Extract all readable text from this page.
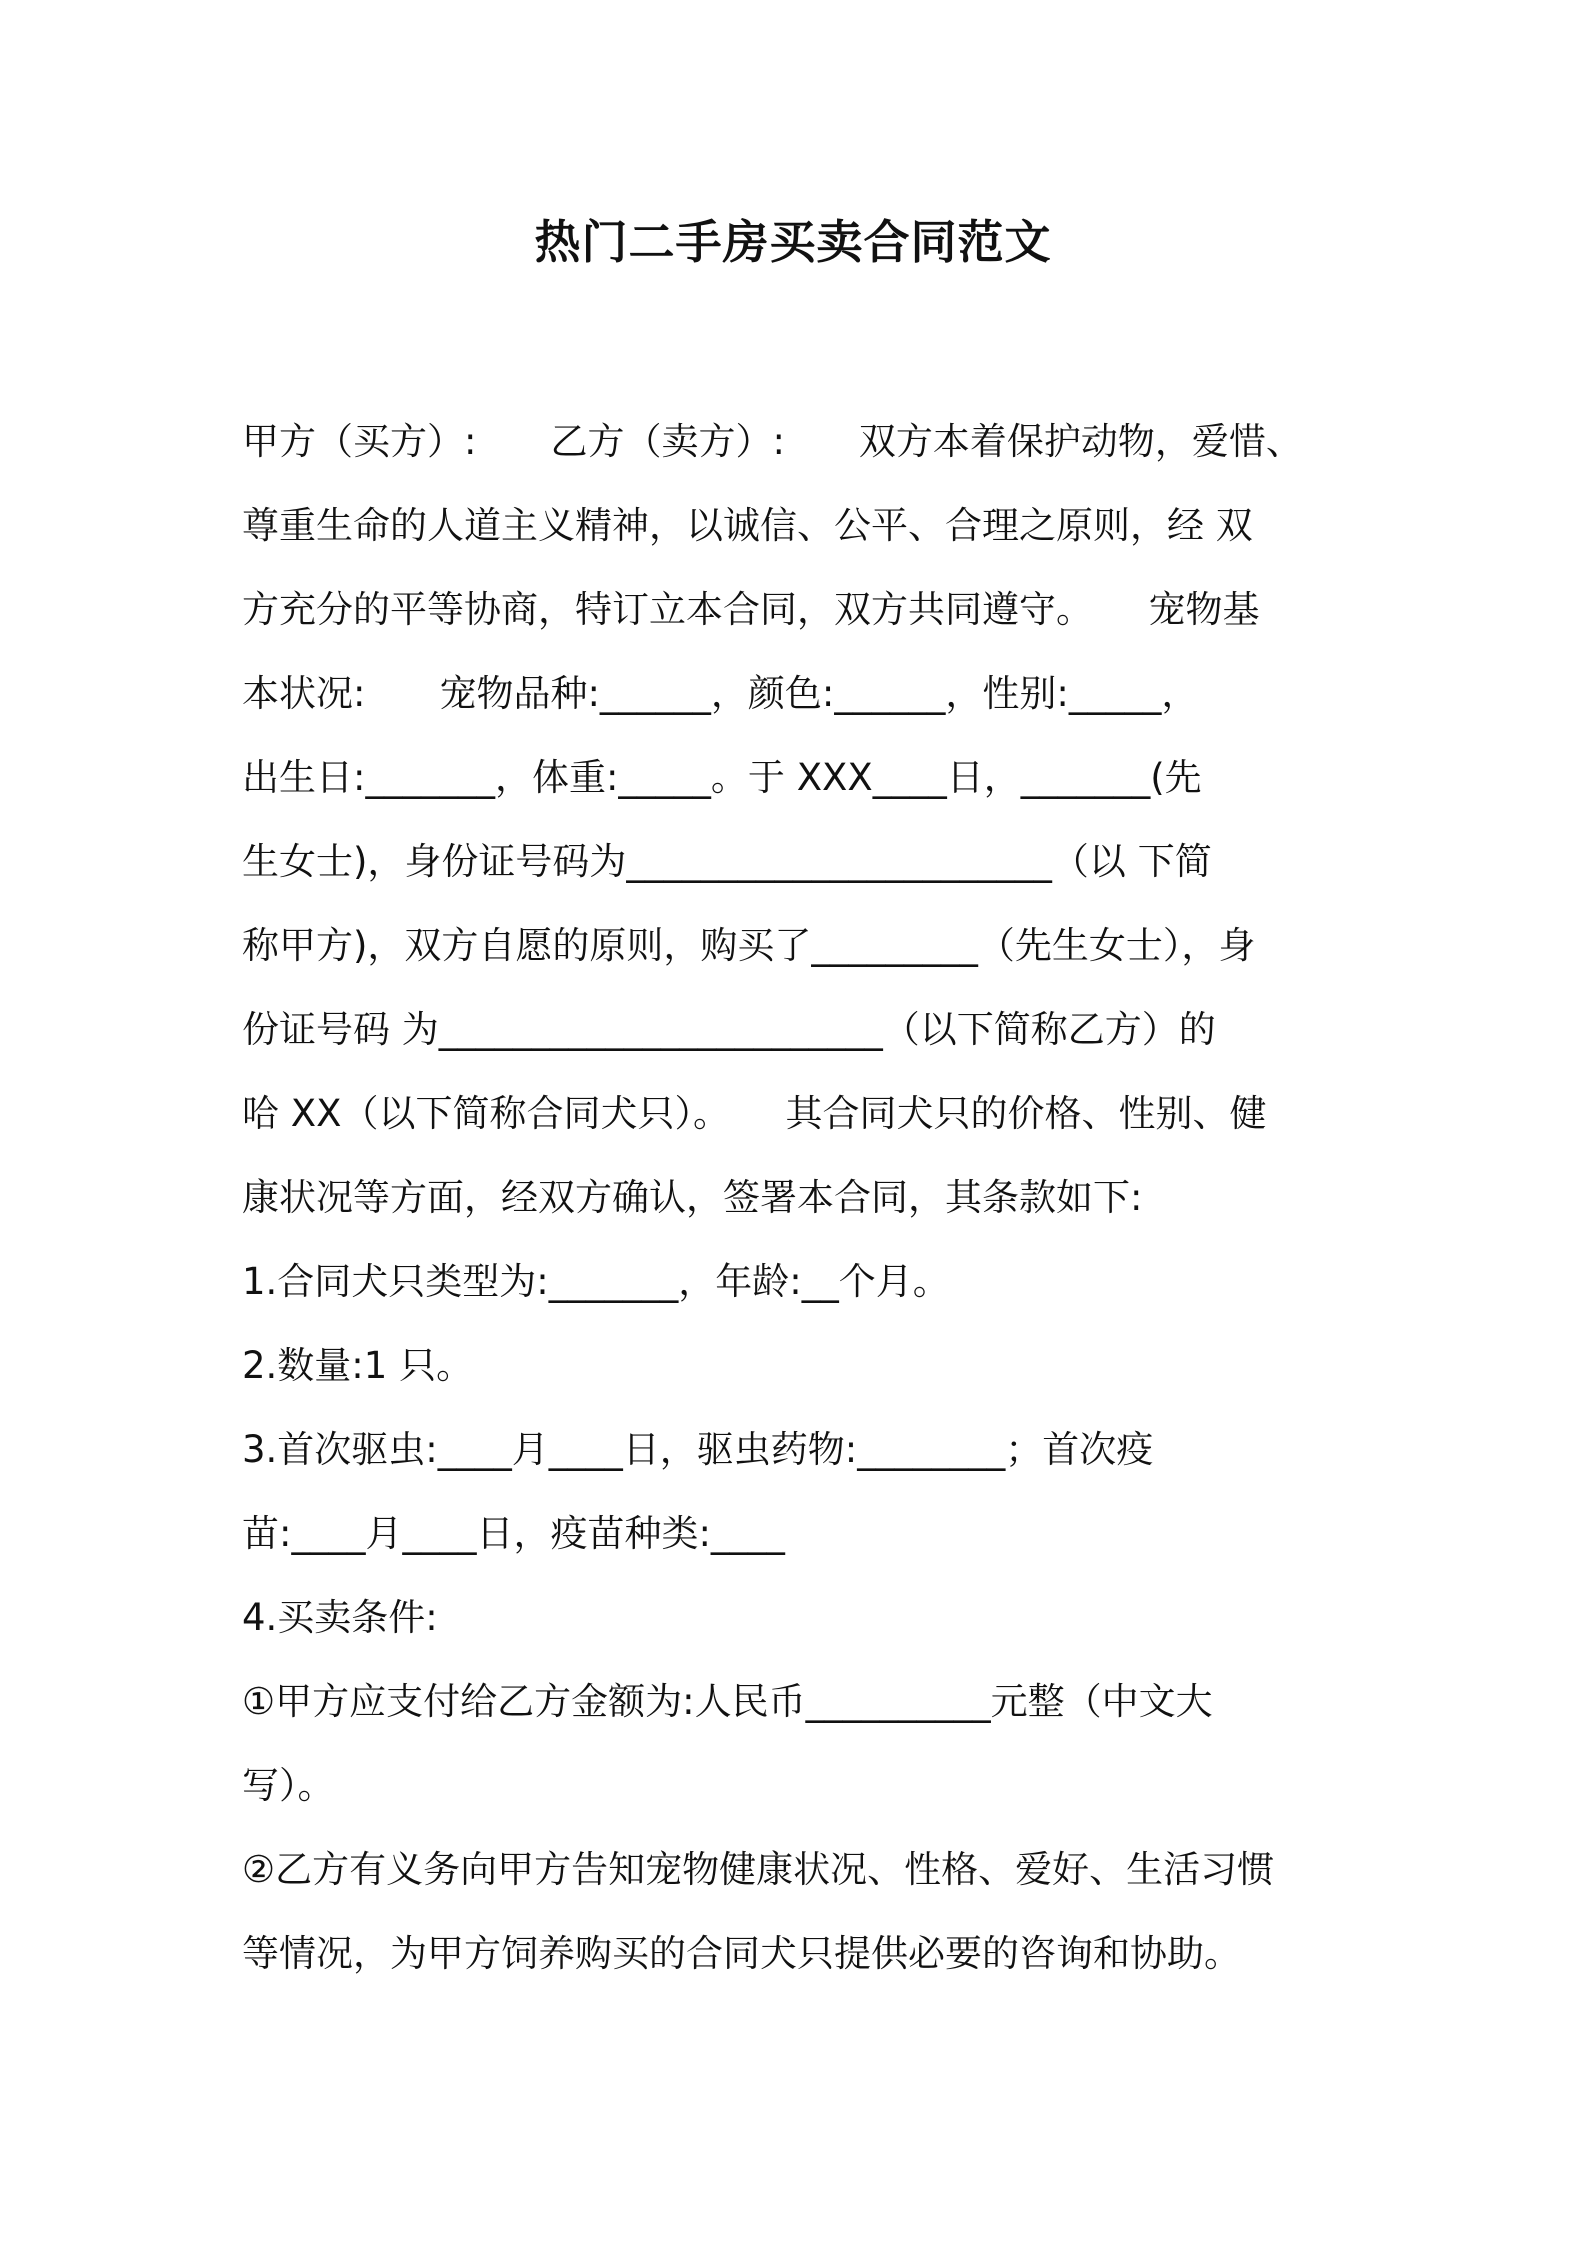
热门二手房买卖合同范文
甲方（买方）:　　乙方（卖方）:　　双方本着保护动物，爱惜、
尊重生命的人道主义精神，以诚信、公平、合理之原则，经 双
方充分的平等协商，特订立本合同，双方共同遵守。　　宠物基
本状况:　　宠物品种:______，颜色:______，性别:_____，
出生日:_______，体重:_____。于 XXX____日，_______(先
生女士)，身份证号码为_______________________（以 下简
称甲方)，双方自愿的原则，购买了_________（先生女士），身
份证号码 为________________________（以下简称乙方）的
哈 XX（以下简称合同犬只）。　　其合同犬只的价格、性别、健
康状况等方面，经双方确认，签署本合同，其条款如下:
1.合同犬只类型为:_______，年龄:__个月。
2.数量:1 只。
3.首次驱虫:____月____日，驱虫药物:________；首次疫
苗:____月____日，疫苗种类:____
4.买卖条件:
①甲方应支付给乙方金额为:人民币__________元整（中文大
写）。
②乙方有义务向甲方告知宠物健康状况、性格、爱好、生活习惯
等情况，为甲方饲养购买的合同犬只提供必要的咨询和协助。
